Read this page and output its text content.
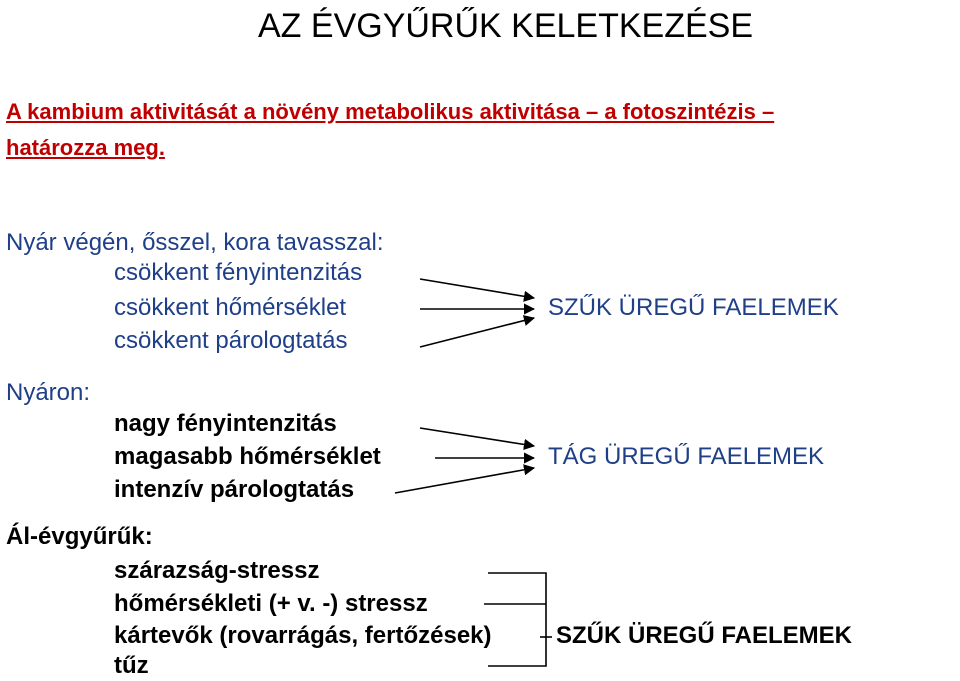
AZ ÉVGYŰRŰK KELETKEZÉSE
A kambium aktivitását a növény metabolikus aktivitása – a fotoszintézis –
határozza meg.
Nyár végén, ősszel, kora tavasszal:
csökkent fényintenzitás
csökkent hőmérséklet
csökkent párologtatás
SZŰK ÜREGŰ FAELEMEK
Nyáron:
nagy fényintenzitás
magasabb hőmérséklet
intenzív párologtatás
TÁG ÜREGŰ FAELEMEK
Ál-évgyűrűk:
szárazság-stressz
hőmérsékleti (+ v. -) stressz
kártevők (rovarrágás, fertőzések)
tűz
SZŰK ÜREGŰ FAELEMEK
